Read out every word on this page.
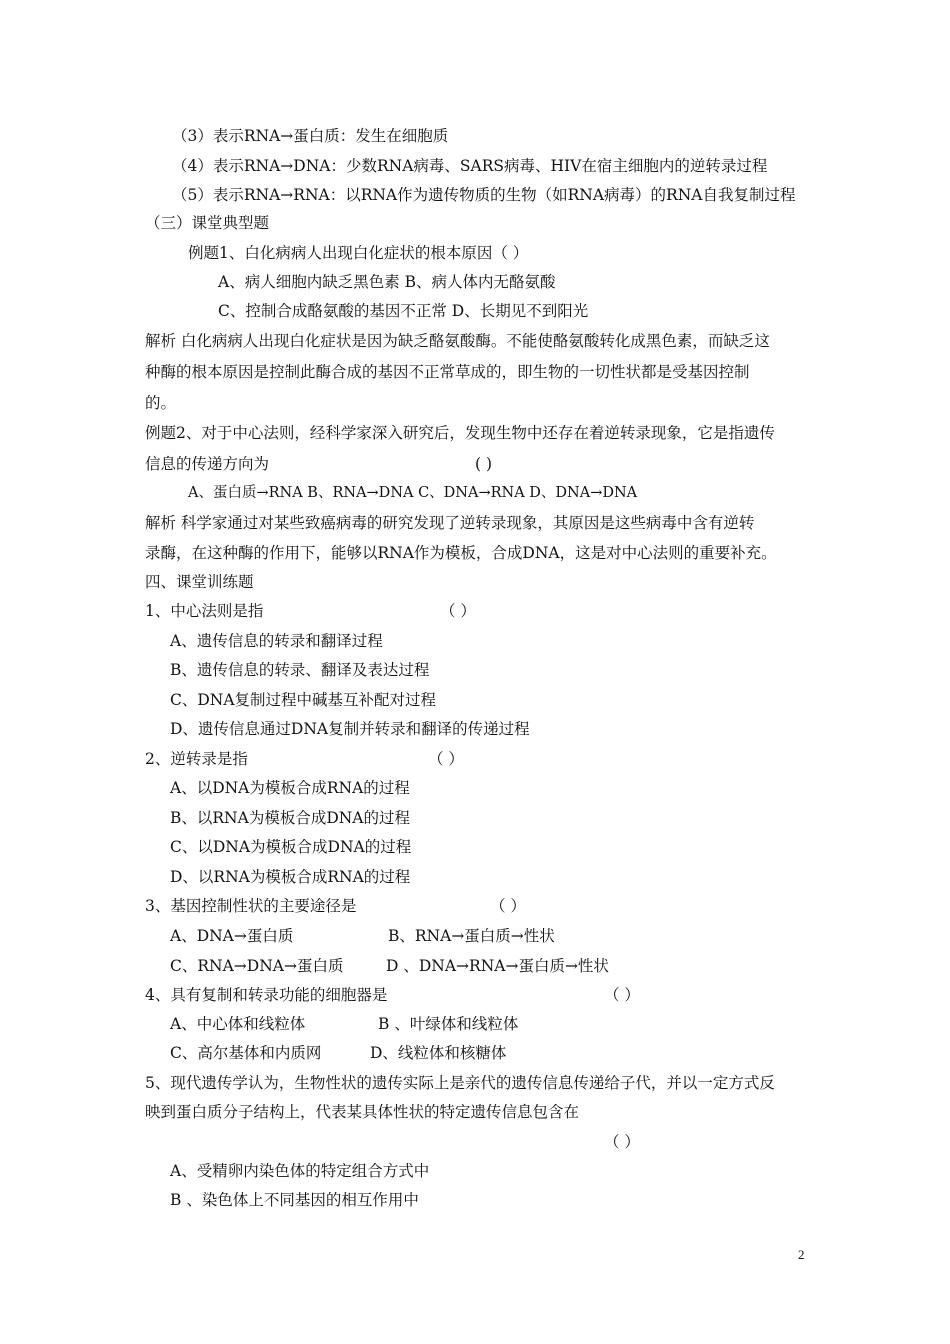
（3）表示RNA→蛋白质：发生在细胞质
（4）表示RNA→DNA：少数RNA病毒、SARS病毒、HIV在宿主细胞内的逆转录过程
（5）表示RNA→RNA：以RNA作为遗传物质的生物（如RNA病毒）的RNA自我复制过程
（三）课堂典型题
例题1、白化病病人出现白化症状的根本原因（ ）
A、病人细胞内缺乏黑色素 B、病人体内无酪氨酸
C、控制合成酪氨酸的基因不正常 D、长期见不到阳光
解析 白化病病人出现白化症状是因为缺乏酪氨酸酶。不能使酪氨酸转化成黑色素，而缺乏这
种酶的根本原因是控制此酶合成的基因不正常草成的，即生物的一切性状都是受基因控制
的。
例题2、对于中心法则，经科学家深入研究后，发现生物中还存在着逆转录现象，它是指遗传
信息的传递方向为	( )
A、蛋白质→RNA B、RNA→DNA C、DNA→RNA D、DNA→DNA
解析 科学家通过对某些致癌病毒的研究发现了逆转录现象，其原因是这些病毒中含有逆转
录酶，在这种酶的作用下，能够以RNA作为模板，合成DNA，这是对中心法则的重要补充。
四、课堂训练题
1、中心法则是指	（ ）
A、遗传信息的转录和翻译过程
B、遗传信息的转录、翻译及表达过程
C、DNA复制过程中碱基互补配对过程
D、遗传信息通过DNA复制并转录和翻译的传递过程
2、逆转录是指	（ ）
A、以DNA为模板合成RNA的过程
B、以RNA为模板合成DNA的过程
C、以DNA为模板合成DNA的过程
D、以RNA为模板合成RNA的过程
3、基因控制性状的主要途径是	（ ）
A、DNA→蛋白质	B、RNA→蛋白质→性状
C、RNA→DNA→蛋白质	D 、DNA→RNA→蛋白质→性状
4、具有复制和转录功能的细胞器是	（ ）
A、中心体和线粒体	B 、叶绿体和线粒体
C、高尔基体和内质网	D、线粒体和核糖体
5、现代遗传学认为，生物性状的遗传实际上是亲代的遗传信息传递给子代，并以一定方式反
映到蛋白质分子结构上，代表某具体性状的特定遗传信息包含在
（ ）
A、受精卵内染色体的特定组合方式中
B 、染色体上不同基因的相互作用中
2
